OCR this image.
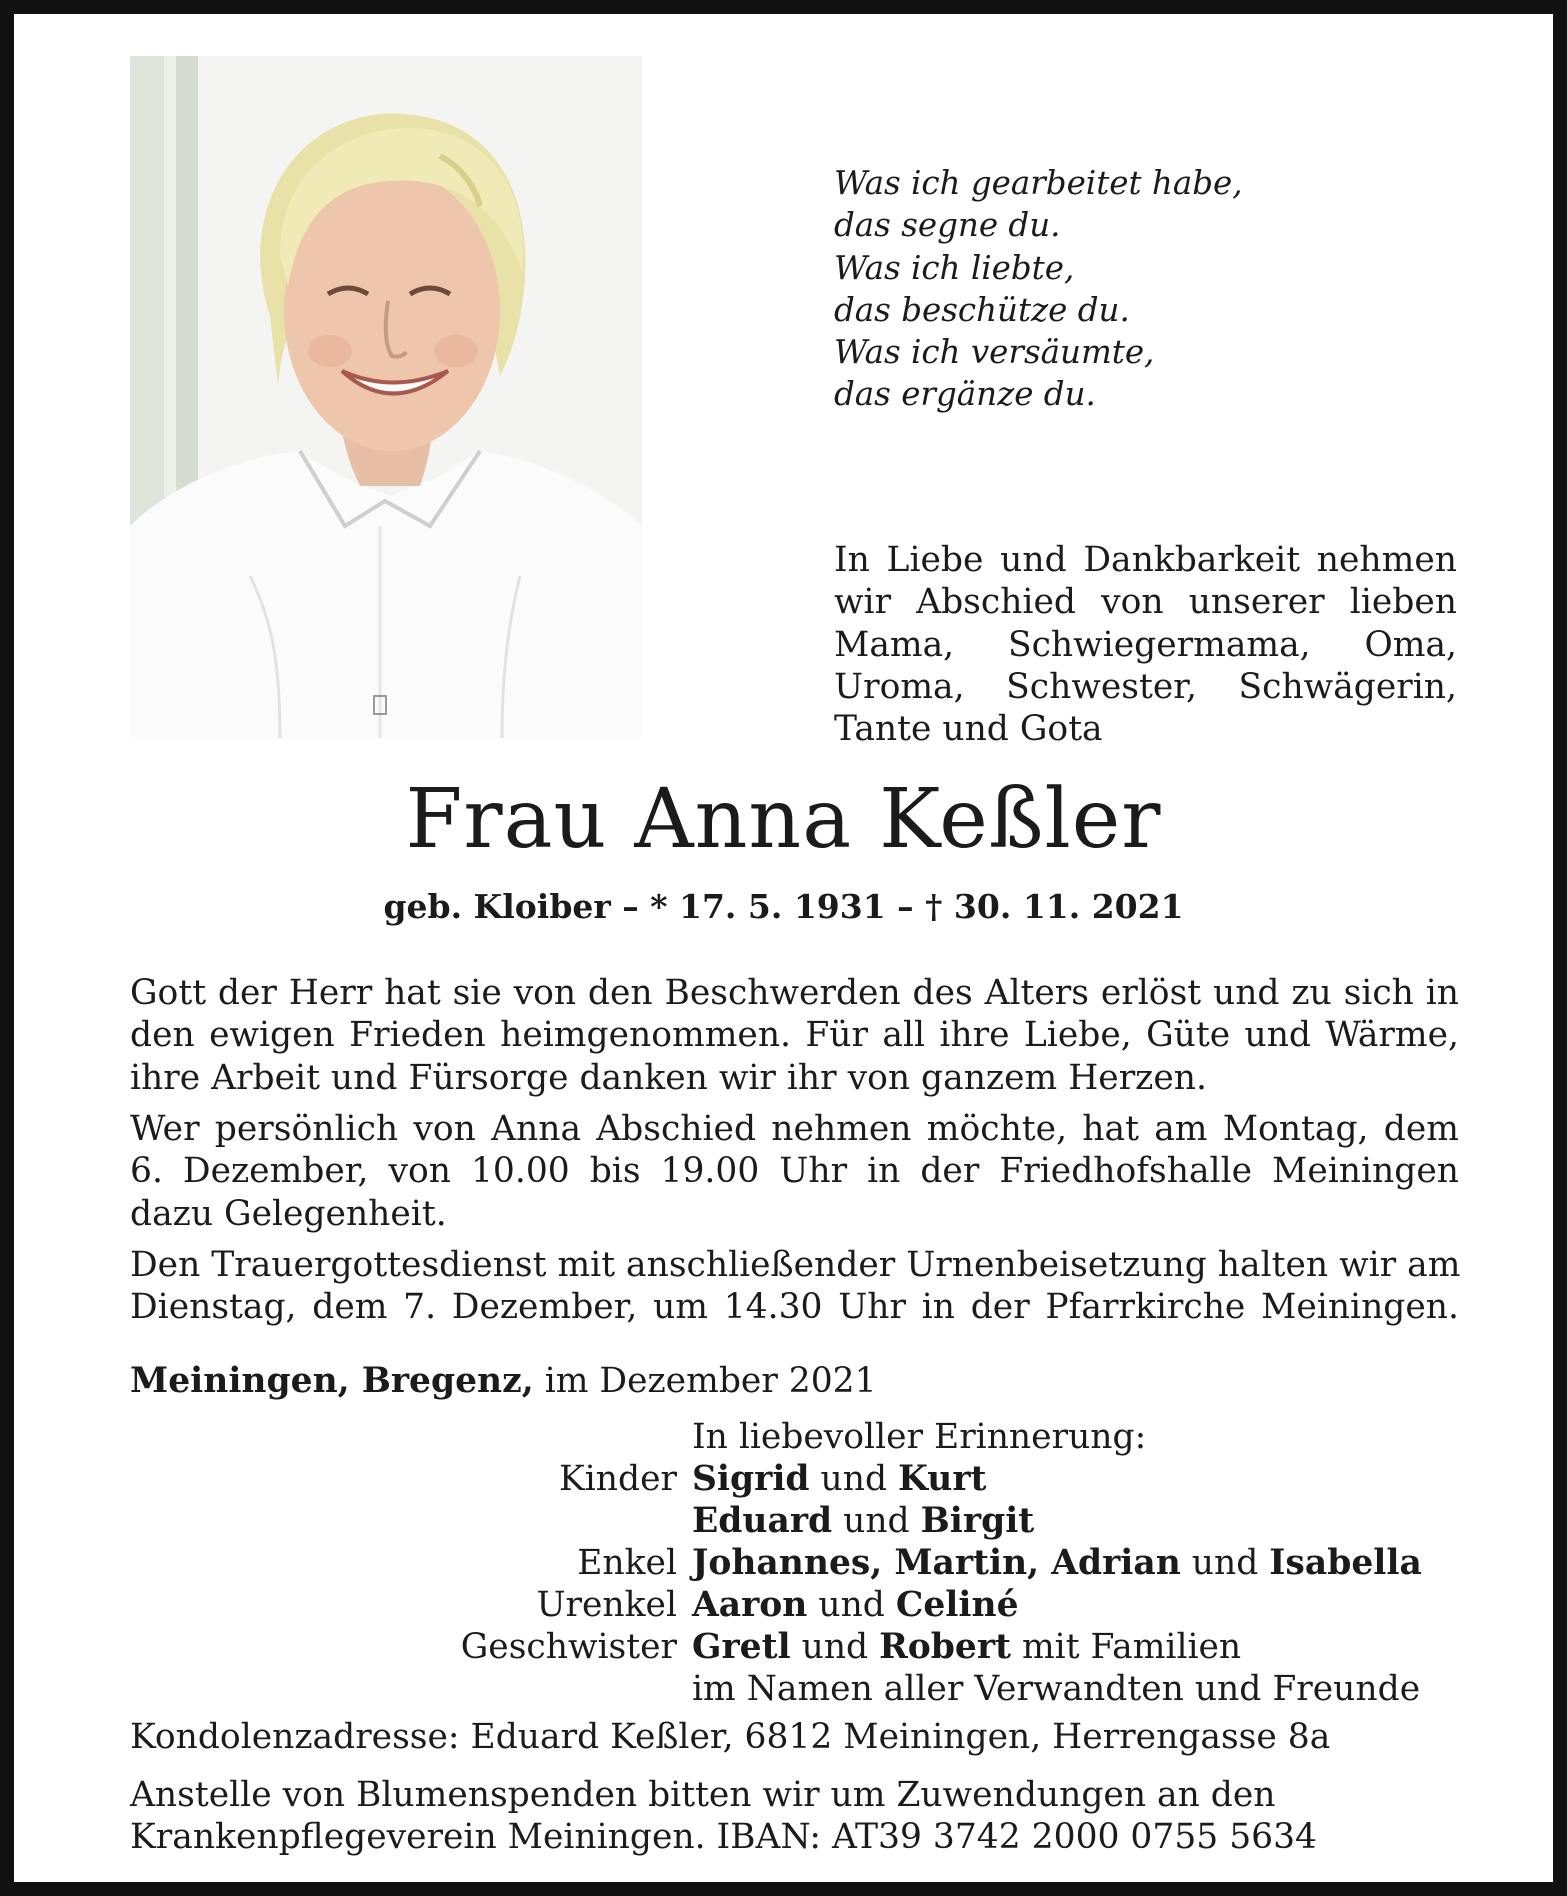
Was ich gearbeitet habe,
das segne du.
Was ich liebte,
das beschütze du.
Was ich versäumte,
das ergänze du.
In Liebe und Dankbarkeit nehmen
wir Abschied von unserer lieben
Mama, Schwiegermama, Oma,
Uroma, Schwester, Schwägerin,
Tante und Gota
Frau Anna Keßler
geb. Kloiber – * 17. 5. 1931 – † 30. 11. 2021
Gott der Herr hat sie von den Beschwerden des Alters erlöst und zu sich in
den ewigen Frieden heimgenommen. Für all ihre Liebe, Güte und Wärme,
ihre Arbeit und Fürsorge danken wir ihr von ganzem Herzen.
Wer persönlich von Anna Abschied nehmen möchte, hat am Montag, dem
6. Dezember, von 10.00 bis 19.00 Uhr in der Friedhofshalle Meiningen
dazu Gelegenheit.
Den Trauergottesdienst mit anschließender Urnenbeisetzung halten wir am
Dienstag, dem 7. Dezember, um 14.30 Uhr in der Pfarrkirche Meiningen.
Meiningen, Bregenz, im Dezember 2021
In liebevoller Erinnerung:
Kinder Sigrid und Kurt
Eduard und Birgit
Enkel Johannes, Martin, Adrian und Isabella
Urenkel Aaron und Celiné
Geschwister Gretl und Robert mit Familien
im Namen aller Verwandten und Freunde
Kondolenzadresse: Eduard Keßler, 6812 Meiningen, Herrengasse 8a
Anstelle von Blumenspenden bitten wir um Zuwendungen an den
Krankenpflegeverein Meiningen. IBAN: AT39 3742 2000 0755 5634
